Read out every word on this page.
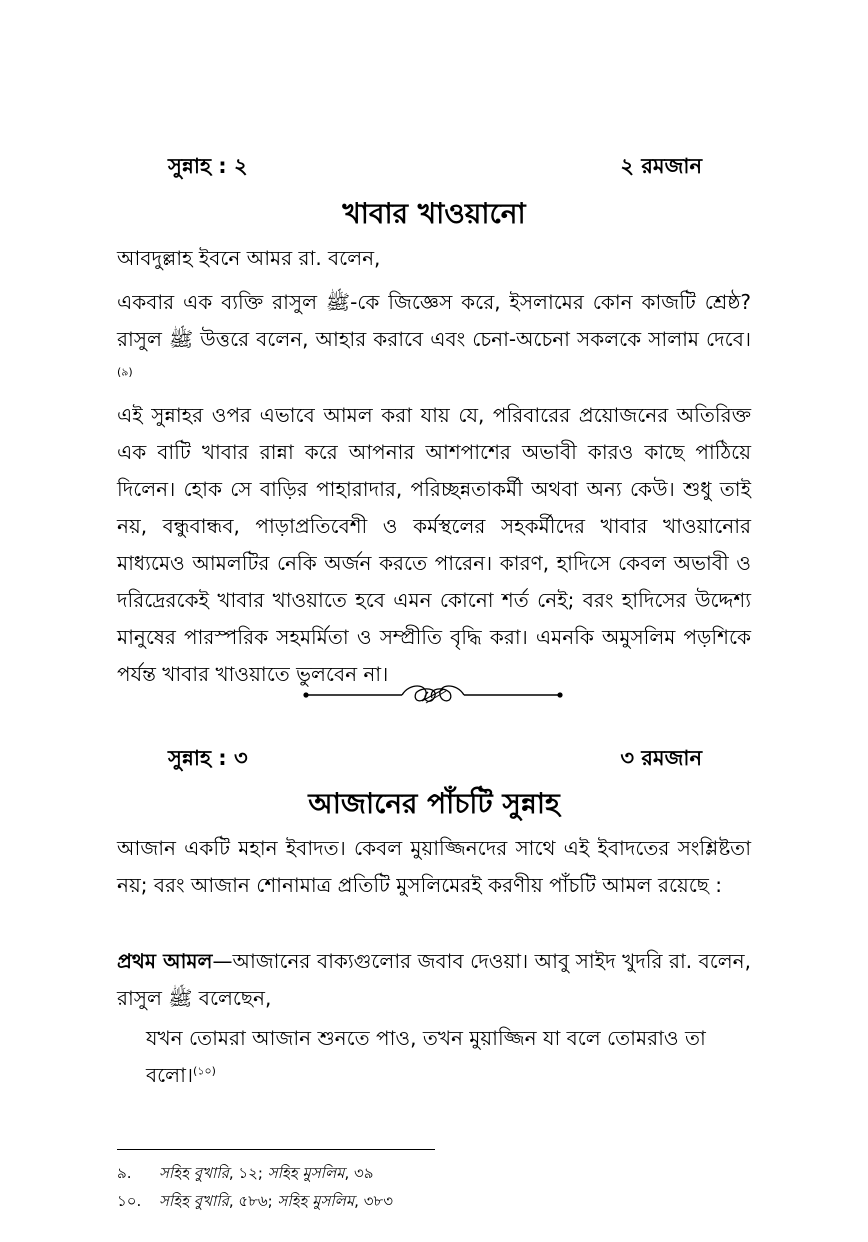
সুন্নাহ : ২	২ রমজান
খাবার খাওয়ানো

আবদুল্লাহ ইবনে আমর রা. বলেন,

একবার এক ব্যক্তি রাসুল ﷺ-কে জিজ্ঞেস করে, ইসলামের কোন কাজটি শ্রেষ্ঠ? রাসুল ﷺ উত্তরে বলেন, আহার করাবে এবং চেনা-অচেনা সকলকে সালাম দেবে।$^{(৯)}$

এই সুন্নাহর ওপর এভাবে আমল করা যায় যে, পরিবারের প্রয়োজনের অতিরিক্ত এক বাটি খাবার রান্না করে আপনার আশপাশের অভাবী কারও কাছে পাঠিয়ে দিলেন। হোক সে বাড়ির পাহারাদার, পরিচ্ছন্নতাকর্মী অথবা অন্য কেউ। শুধু তাই নয়, বন্ধুবান্ধব, পাড়াপ্রতিবেশী ও কর্মস্থলের সহকর্মীদের খাবার খাওয়ানোর মাধ্যমেও আমলটির নেকি অর্জন করতে পারেন। কারণ, হাদিসে কেবল অভাবী ও দরিদ্রেরকেই খাবার খাওয়াতে হবে এমন কোনো শর্ত নেই; বরং হাদিসের উদ্দেশ্য মানুষের পারস্পরিক সহমর্মিতা ও সম্প্রীতি বৃদ্ধি করা। এমনকি অমুসলিম পড়শিকে পর্যন্ত খাবার খাওয়াতে ভুলবেন না।

সুন্নাহ : ৩	৩ রমজান
আজানের পাঁচটি সুন্নাহ

আজান একটি মহান ইবাদত। কেবল মুয়াজ্জিনদের সাথে এই ইবাদতের সংশ্লিষ্টতা নয়; বরং আজান শোনামাত্র প্রতিটি মুসলিমেরই করণীয় পাঁচটি আমল রয়েছে :

প্রথম আমল—আজানের বাক্যগুলোর জবাব দেওয়া। আবু সাইদ খুদরি রা. বলেন, রাসুল ﷺ বলেছেন,

যখন তোমরা আজান শুনতে পাও, তখন মুয়াজ্জিন যা বলে তোমরাও তা বলো।$^{(১০)}$

৯.	সহিহ বুখারি, ১২; সহিহ মুসলিম, ৩৯
১০.	সহিহ বুখারি, ৫৮৬; সহিহ মুসলিম, ৩৮৩
